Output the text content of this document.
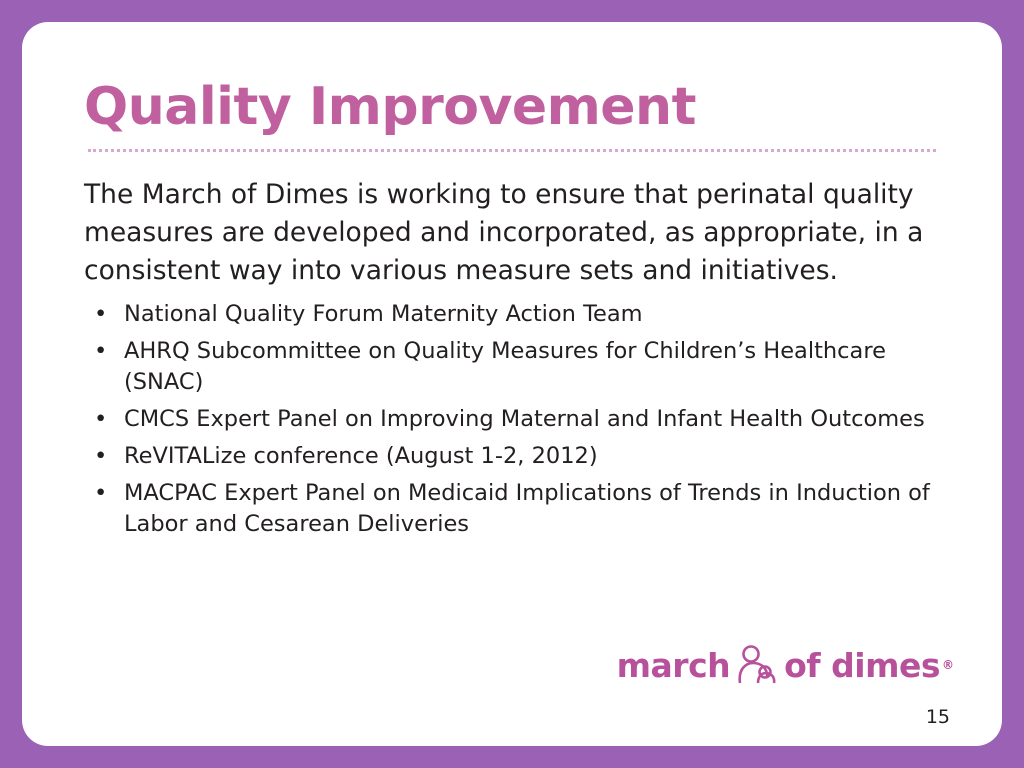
Quality Improvement

The March of Dimes is working to ensure that perinatal quality measures are developed and incorporated, as appropriate, in a consistent way into various measure sets and initiatives.

• National Quality Forum Maternity Action Team
• AHRQ Subcommittee on Quality Measures for Children’s Healthcare (SNAC)
• CMCS Expert Panel on Improving Maternal and Infant Health Outcomes
• ReVITALize conference (August 1-2, 2012)
• MACPAC Expert Panel on Medicaid Implications of Trends in Induction of Labor and Cesarean Deliveries
march of dimes ®
15
